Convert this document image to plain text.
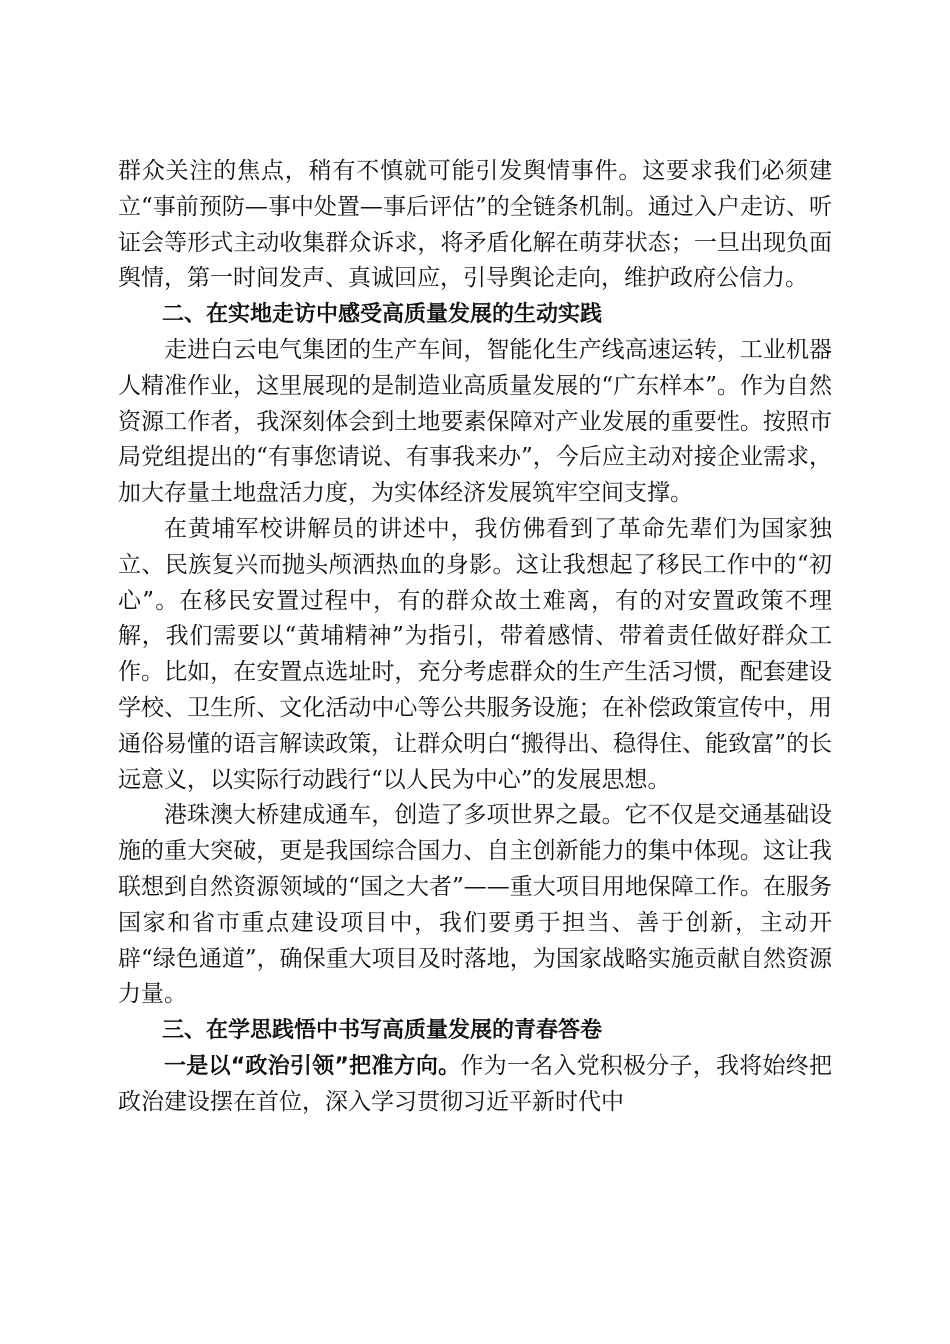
群众关注的焦点，稍有不慎就可能引发舆情事件。这要求我们必须建立“事前预防—事中处置—事后评估”的全链条机制。通过入户走访、听证会等形式主动收集群众诉求，将矛盾化解在萌芽状态；一旦出现负面舆情，第一时间发声、真诚回应，引导舆论走向，维护政府公信力。

二、在实地走访中感受高质量发展的生动实践

走进白云电气集团的生产车间，智能化生产线高速运转，工业机器人精准作业，这里展现的是制造业高质量发展的“广东样本”。作为自然资源工作者，我深刻体会到土地要素保障对产业发展的重要性。按照市局党组提出的“有事您请说、有事我来办”，今后应主动对接企业需求，加大存量土地盘活力度，为实体经济发展筑牢空间支撑。

在黄埔军校讲解员的讲述中，我仿佛看到了革命先辈们为国家独立、民族复兴而抛头颅洒热血的身影。这让我想起了移民工作中的“初心”。在移民安置过程中，有的群众故土难离，有的对安置政策不理解，我们需要以“黄埔精神”为指引，带着感情、带着责任做好群众工作。比如，在安置点选址时，充分考虑群众的生产生活习惯，配套建设学校、卫生所、文化活动中心等公共服务设施；在补偿政策宣传中，用通俗易懂的语言解读政策，让群众明白“搬得出、稳得住、能致富”的长远意义，以实际行动践行“以人民为中心”的发展思想。

港珠澳大桥建成通车，创造了多项世界之最。它不仅是交通基础设施的重大突破，更是我国综合国力、自主创新能力的集中体现。这让我联想到自然资源领域的“国之大者”——重大项目用地保障工作。在服务国家和省市重点建设项目中，我们要勇于担当、善于创新，主动开辟“绿色通道”，确保重大项目及时落地，为国家战略实施贡献自然资源力量。

三、在学思践悟中书写高质量发展的青春答卷

一是以“政治引领”把准方向。作为一名入党积极分子，我将始终把政治建设摆在首位，深入学习贯彻习近平新时代中
